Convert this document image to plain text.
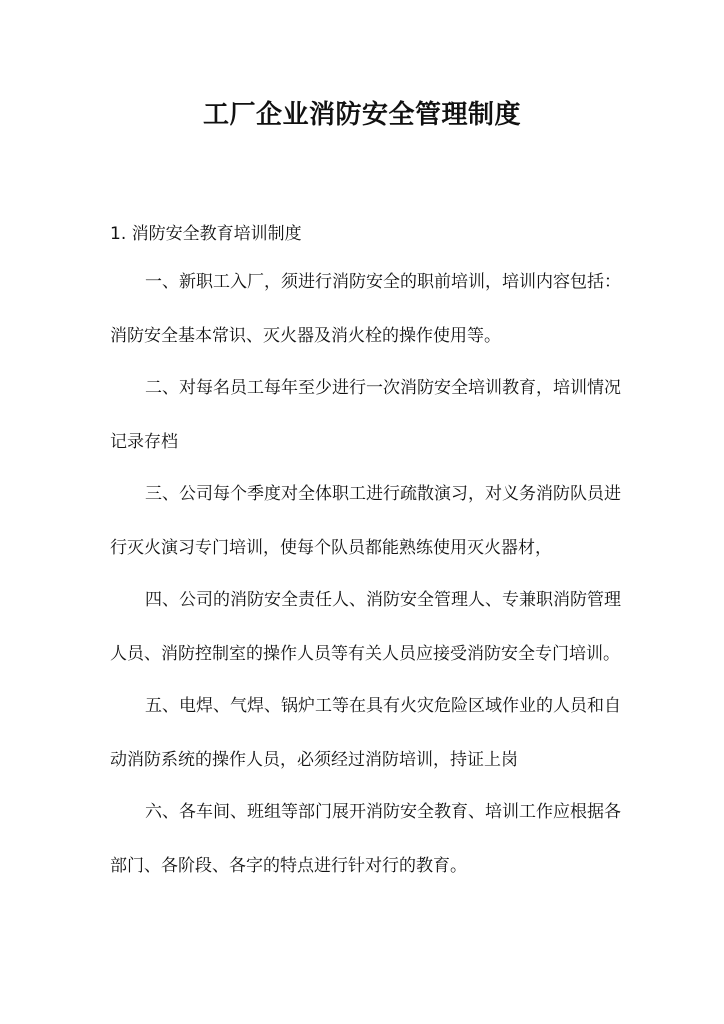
工厂企业消防安全管理制度
1. 消防安全教育培训制度
一、新职工入厂，须进行消防安全的职前培训，培训内容包括：
消防安全基本常识、灭火器及消火栓的操作使用等。
二、对每名员工每年至少进行一次消防安全培训教育，培训情况
记录存档
三、公司每个季度对全体职工进行疏散演习，对义务消防队员进
行灭火演习专门培训，使每个队员都能熟练使用灭火器材，
四、公司的消防安全责任人、消防安全管理人、专兼职消防管理
人员、消防控制室的操作人员等有关人员应接受消防安全专门培训。
五、电焊、气焊、锅炉工等在具有火灾危险区域作业的人员和自
动消防系统的操作人员，必须经过消防培训，持证上岗
六、各车间、班组等部门展开消防安全教育、培训工作应根据各
部门、各阶段、各字的特点进行针对行的教育。
